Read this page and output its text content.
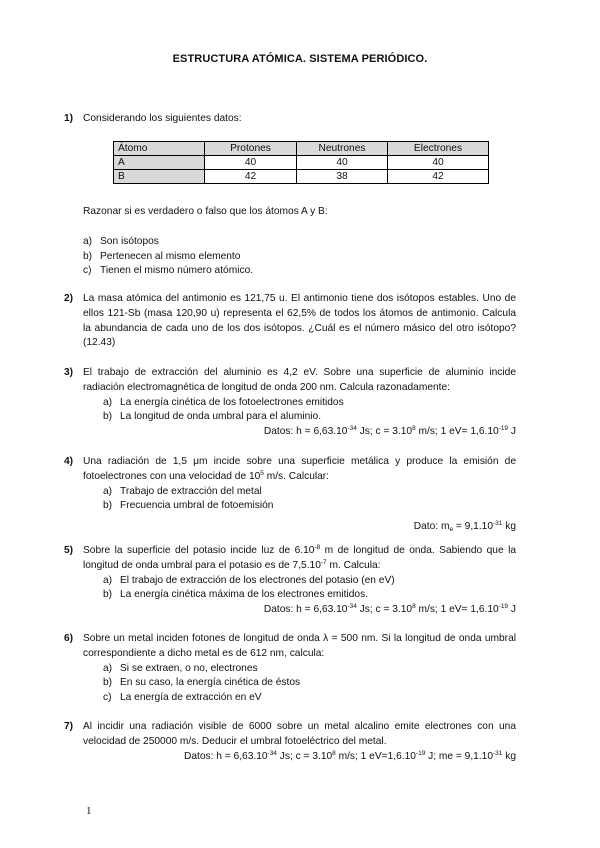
ESTRUCTURA ATÓMICA. SISTEMA PERIÓDICO.
1) Considerando los siguientes datos:
Átomo	Protones	Neutrones	Electrones
A	40	40	40
B	42	38	42
Razonar si es verdadero o falso que los átomos A y B:
a) Son isótopos
b) Pertenecen al mismo elemento
c) Tienen el mismo número atómico.
2) La masa atómica del antimonio es 121,75 u. El antimonio tiene dos isótopos estables. Uno de ellos 121-Sb (masa 120,90 u) representa el 62,5% de todos los átomos de antimonio. Calcula la abundancia de cada uno de los dos isótopos. ¿Cuál es el número másico del otro isótopo? (12.43)
3) El trabajo de extracción del aluminio es 4,2 eV. Sobre una superficie de aluminio incide radiación electromagnética de longitud de onda 200 nm. Calcula razonadamente:
a) La energía cinética de los fotoelectrones emitidos
b) La longitud de onda umbral para el aluminio.
Datos: $h = 6,63.10^{-34}$ Js; $c = 3.10^8$ m/s; 1 $eV= 1,6.10^{-19}$ J
4) Una radiación de 1,5 μm incide sobre una superficie metálica y produce la emisión de fotoelectrones con una velocidad de $10^5$ m/s. Calcular:
a) Trabajo de extracción del metal
b) Frecuencia umbral de fotoemisión
Dato: $m_e = 9,1.10^{-31}$ kg
5) Sobre la superficie del potasio incide luz de $6.10^{-8}$ m de longitud de onda. Sabiendo que la longitud de onda umbral para el potasio es de $7,5.10^{-7}$ m. Calcula:
a) El trabajo de extracción de los electrones del potasio (en eV)
b) La energía cinética máxima de los electrones emitidos.
Datos: $h = 6,63.10^{-34}$ Js; $c = 3.10^8$ m/s; 1 $eV= 1,6.10^{-19}$ J
6) Sobre un metal inciden fotones de longitud de onda λ = 500 nm. Si la longitud de onda umbral correspondiente a dicho metal es de 612 nm, calcula:
a) Si se extraen, o no, electrones
b) En su caso, la energía cinética de éstos
c) La energía de extracción en eV
7) Al incidir una radiación visible de 6000 sobre un metal alcalino emite electrones con una velocidad de 250000 m/s. Deducir el umbral fotoeléctrico del metal.
Datos: $h = 6,63.10^{-34}$ Js; $c = 3.10^8$ m/s; 1 $eV=1,6.10^{-19}$ J; me = $9,1.10^{-31}$ kg
1
